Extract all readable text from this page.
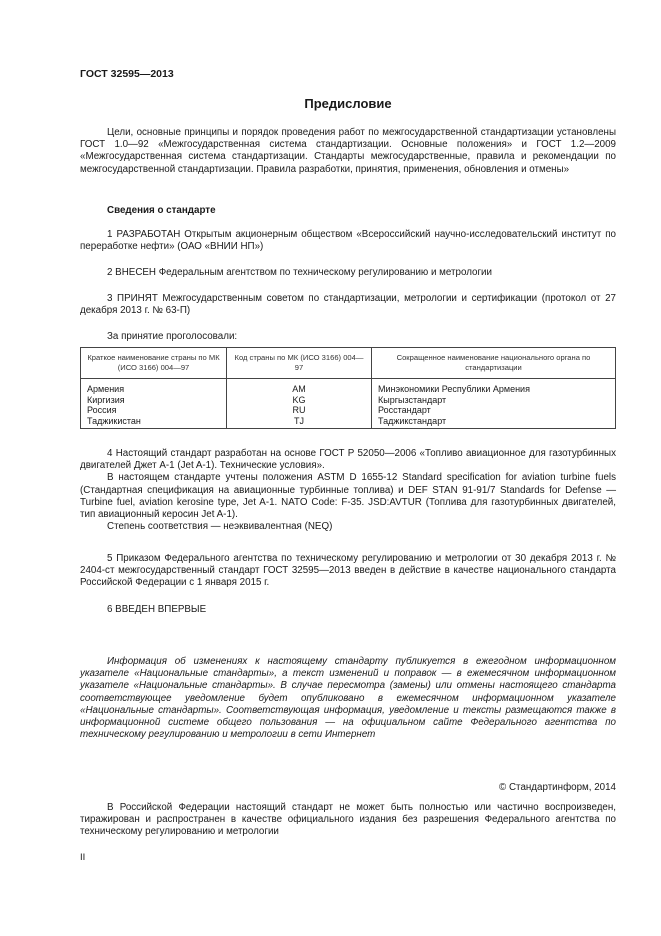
ГОСТ 32595—2013
Предисловие

Цели, основные принципы и порядок проведения работ по межгосударственной стандартизации установлены ГОСТ 1.0—92 «Межгосударственная система стандартизации. Основные положения» и ГОСТ 1.2—2009 «Межгосударственная система стандартизации. Стандарты межгосударственные, правила и рекомендации по межгосударственной стандартизации. Правила разработки, принятия, применения, обновления и отмены»

Сведения о стандарте

1 РАЗРАБОТАН Открытым акционерным обществом «Всероссийский научно-исследовательский институт по переработке нефти» (ОАО «ВНИИ НП»)

2 ВНЕСЕН Федеральным агентством по техническому регулированию и метрологии

3 ПРИНЯТ Межгосударственным советом по стандартизации, метрологии и сертификации (протокол от 27 декабря 2013 г. № 63-П)

За принятие проголосовали:
Краткое наименование страны по МК (ИСО 3166) 004—97	Код страны по МК (ИСО 3166) 004—97	Сокращенное наименование национального органа по стандартизации
Армения	AM	Минэкономики Республики Армения
Киргизия	KG	Кыргызстандарт
Россия	RU	Росстандарт
Таджикистан	TJ	Таджикстандарт

4 Настоящий стандарт разработан на основе ГОСТ Р 52050—2006 «Топливо авиационное для газотурбинных двигателей Джет А-1 (Jet A-1). Технические условия».

В настоящем стандарте учтены положения ASTM D 1655-12 Standard specification for aviation turbine fuels (Стандартная спецификация на авиационные турбинные топлива) и DEF STAN 91-91/7 Standards for Defense — Turbine fuel, aviation kerosine type, Jet A-1. NATO Code: F-35. JSD:AVTUR (Топлива для газотурбинных двигателей, тип авиационный керосин Jet A-1).

Степень соответствия — неэквивалентная (NEQ)

5 Приказом Федерального агентства по техническому регулированию и метрологии от 30 декабря 2013 г. № 2404-ст межгосударственный стандарт ГОСТ 32595—2013 введен в действие в качестве национального стандарта Российской Федерации с 1 января 2015 г.

6 ВВЕДЕН ВПЕРВЫЕ

Информация об изменениях к настоящему стандарту публикуется в ежегодном информационном указателе «Национальные стандарты», а текст изменений и поправок — в ежемесячном информационном указателе «Национальные стандарты». В случае пересмотра (замены) или отмены настоящего стандарта соответствующее уведомление будет опубликовано в ежемесячном информационном указателе «Национальные стандарты». Соответствующая информация, уведомление и тексты размещаются также в информационной системе общего пользования — на официальном сайте Федерального агентства по техническому регулированию и метрологии в сети Интернет

© Стандартинформ, 2014

В Российской Федерации настоящий стандарт не может быть полностью или частично воспроизведен, тиражирован и распространен в качестве официального издания без разрешения Федерального агентства по техническому регулированию и метрологии

II
